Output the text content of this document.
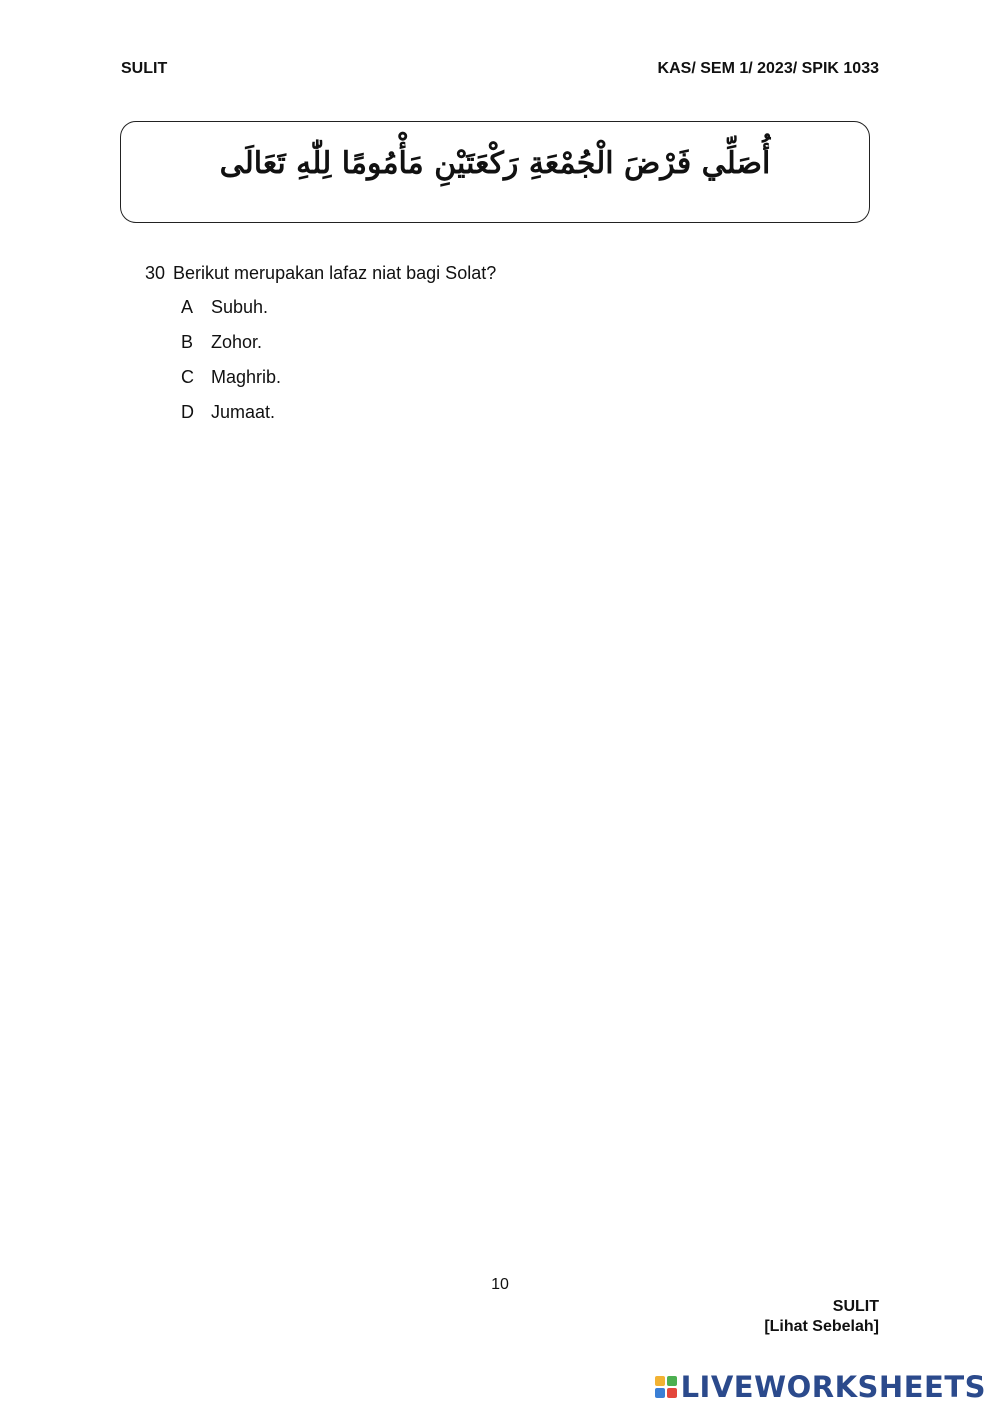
SULIT	KAS/ SEM 1/ 2023/ SPIK 1033
أُصَلِّي فَرْضَ الْجُمْعَةِ رَكْعَتَيْنِ مَأْمُومًا لِلّٰهِ تَعَالَى
30 Berikut merupakan lafaz niat bagi Solat?
A Subuh.
B Zohor.
C Maghrib.
D Jumaat.
10
SULIT
[Lihat Sebelah]
LIVEWORKSHEETS
